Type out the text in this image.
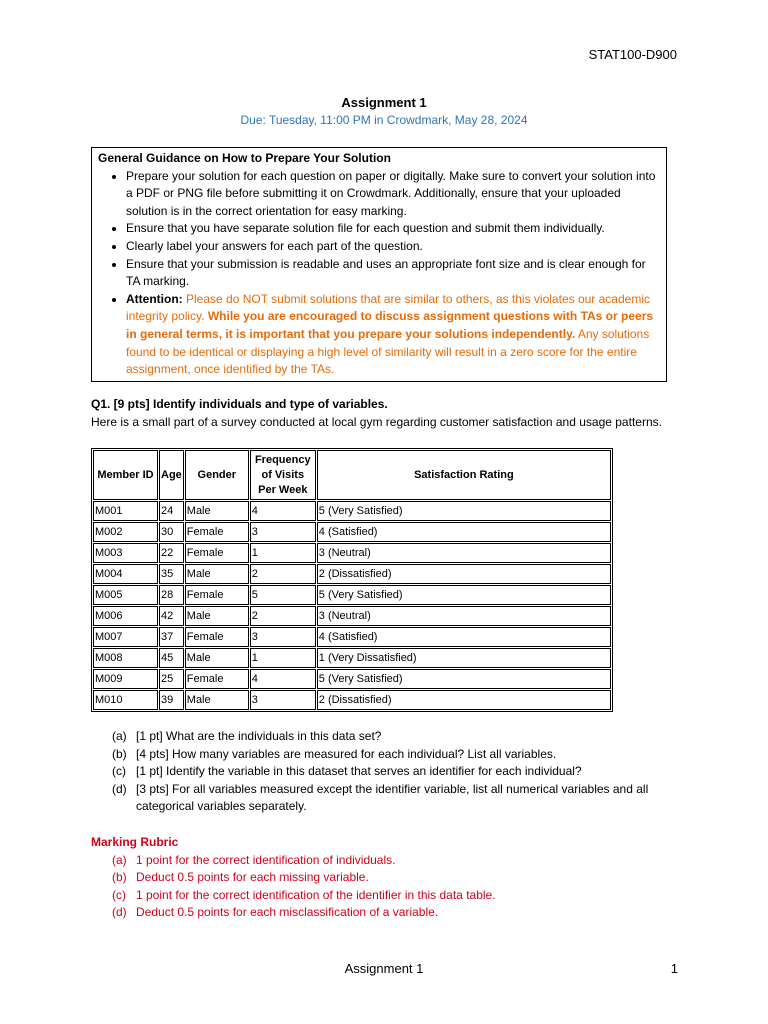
STAT100-D900
Assignment 1
Due: Tuesday, 11:00 PM in Crowdmark, May 28, 2024
General Guidance on How to Prepare Your Solution
• Prepare your solution for each question on paper or digitally. Make sure to convert your solution into a PDF or PNG file before submitting it on Crowdmark. Additionally, ensure that your uploaded solution is in the correct orientation for easy marking.
• Ensure that you have separate solution file for each question and submit them individually.
• Clearly label your answers for each part of the question.
• Ensure that your submission is readable and uses an appropriate font size and is clear enough for TA marking.
• Attention: Please do NOT submit solutions that are similar to others, as this violates our academic integrity policy. While you are encouraged to discuss assignment questions with TAs or peers in general terms, it is important that you prepare your solutions independently. Any solutions found to be identical or displaying a high level of similarity will result in a zero score for the entire assignment, once identified by the TAs.
Q1. [9 pts] Identify individuals and type of variables.
Here is a small part of a survey conducted at local gym regarding customer satisfaction and usage patterns.
Member ID	Age	Gender	Frequency of Visits Per Week	Satisfaction Rating
M001	24	Male	4	5 (Very Satisfied)
M002	30	Female	3	4 (Satisfied)
M003	22	Female	1	3 (Neutral)
M004	35	Male	2	2 (Dissatisfied)
M005	28	Female	5	5 (Very Satisfied)
M006	42	Male	2	3 (Neutral)
M007	37	Female	3	4 (Satisfied)
M008	45	Male	1	1 (Very Dissatisfied)
M009	25	Female	4	5 (Very Satisfied)
M010	39	Male	3	2 (Dissatisfied)
(a) [1 pt] What are the individuals in this data set?
(b) [4 pts] How many variables are measured for each individual? List all variables.
(c) [1 pt] Identify the variable in this dataset that serves an identifier for each individual?
(d) [3 pts] For all variables measured except the identifier variable, list all numerical variables and all categorical variables separately.
Marking Rubric
(a) 1 point for the correct identification of individuals.
(b) Deduct 0.5 points for each missing variable.
(c) 1 point for the correct identification of the identifier in this data table.
(d) Deduct 0.5 points for each misclassification of a variable.
Assignment 1	1
